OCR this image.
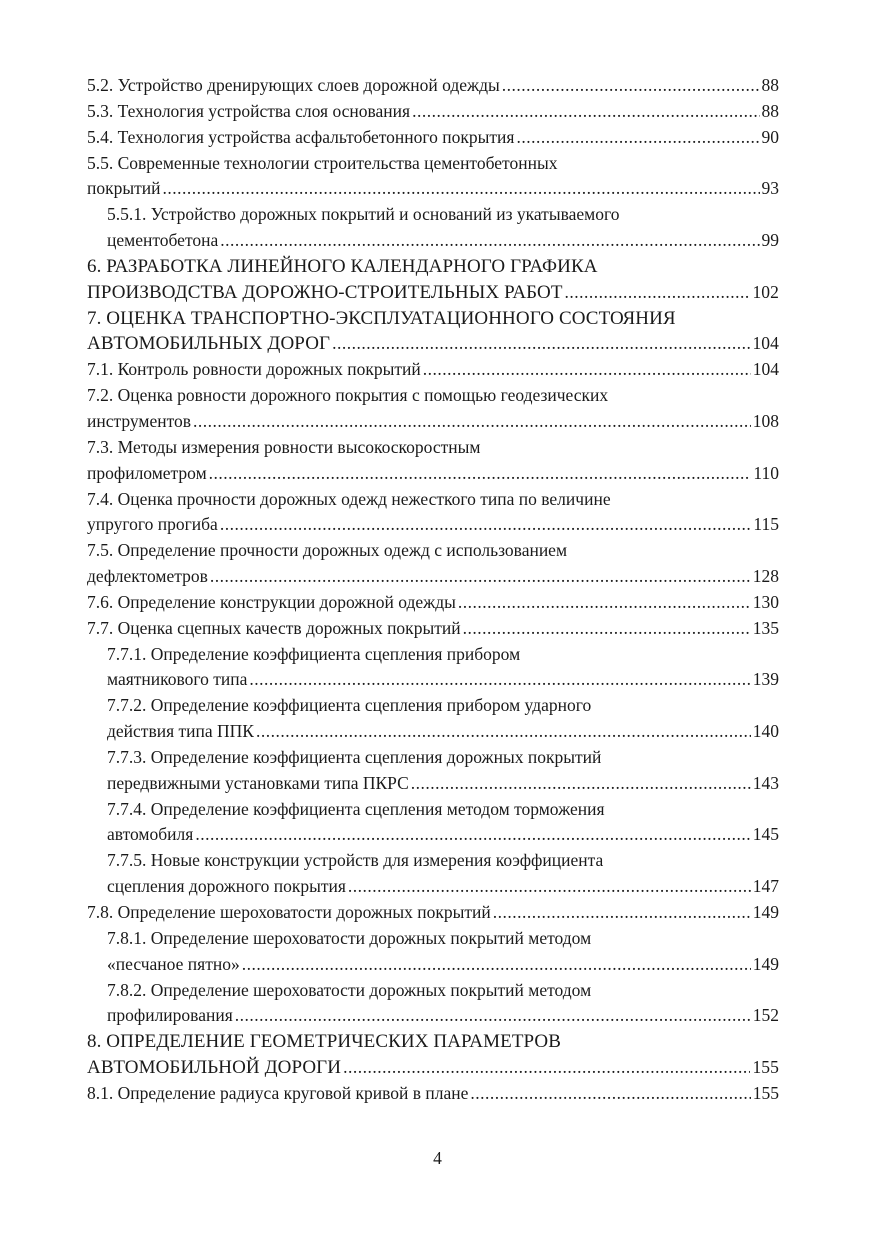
5.2. Устройство дренирующих слоев дорожной одежды .....	88
5.3. Технология устройства слоя основания .....	88
5.4. Технология устройства асфальтобетонного покрытия .....	90
5.5. Современные технологии строительства цементобетонных
покрытий .....	93
5.5.1. Устройство дорожных покрытий и оснований из укатываемого
цементобетона .....	99
6. РАЗРАБОТКА ЛИНЕЙНОГО КАЛЕНДАРНОГО ГРАФИКА
ПРОИЗВОДСТВА ДОРОЖНО-СТРОИТЕЛЬНЫХ РАБОТ .....	102
7. ОЦЕНКА ТРАНСПОРТНО-ЭКСПЛУАТАЦИОННОГО СОСТОЯНИЯ
АВТОМОБИЛЬНЫХ ДОРОГ .....	104
7.1. Контроль ровности дорожных покрытий .....	104
7.2. Оценка ровности дорожного покрытия с помощью геодезических
инструментов .....	108
7.3. Методы измерения ровности высокоскоростным
профилометром .....	110
7.4. Оценка прочности дорожных одежд нежесткого типа по величине
упругого прогиба .....	115
7.5. Определение прочности дорожных одежд с использованием
дефлектометров .....	128
7.6. Определение конструкции дорожной одежды .....	130
7.7. Оценка сцепных качеств дорожных покрытий .....	135
7.7.1. Определение коэффициента сцепления прибором
маятникового типа .....	139
7.7.2. Определение коэффициента сцепления прибором ударного
действия типа ППК .....	140
7.7.3. Определение коэффициента сцепления дорожных покрытий
передвижными установками типа ПКРС .....	143
7.7.4. Определение коэффициента сцепления методом торможения
автомобиля .....	145
7.7.5. Новые конструкции устройств для измерения коэффициента
сцепления дорожного покрытия .....	147
7.8. Определение шероховатости дорожных покрытий .....	149
7.8.1. Определение шероховатости дорожных покрытий методом
«песчаное пятно» .....	149
7.8.2. Определение шероховатости дорожных покрытий методом
профилирования .....	152
8. ОПРЕДЕЛЕНИЕ ГЕОМЕТРИЧЕСКИХ ПАРАМЕТРОВ
АВТОМОБИЛЬНОЙ ДОРОГИ .....	155
8.1. Определение радиуса круговой кривой в плане .....	155
4
